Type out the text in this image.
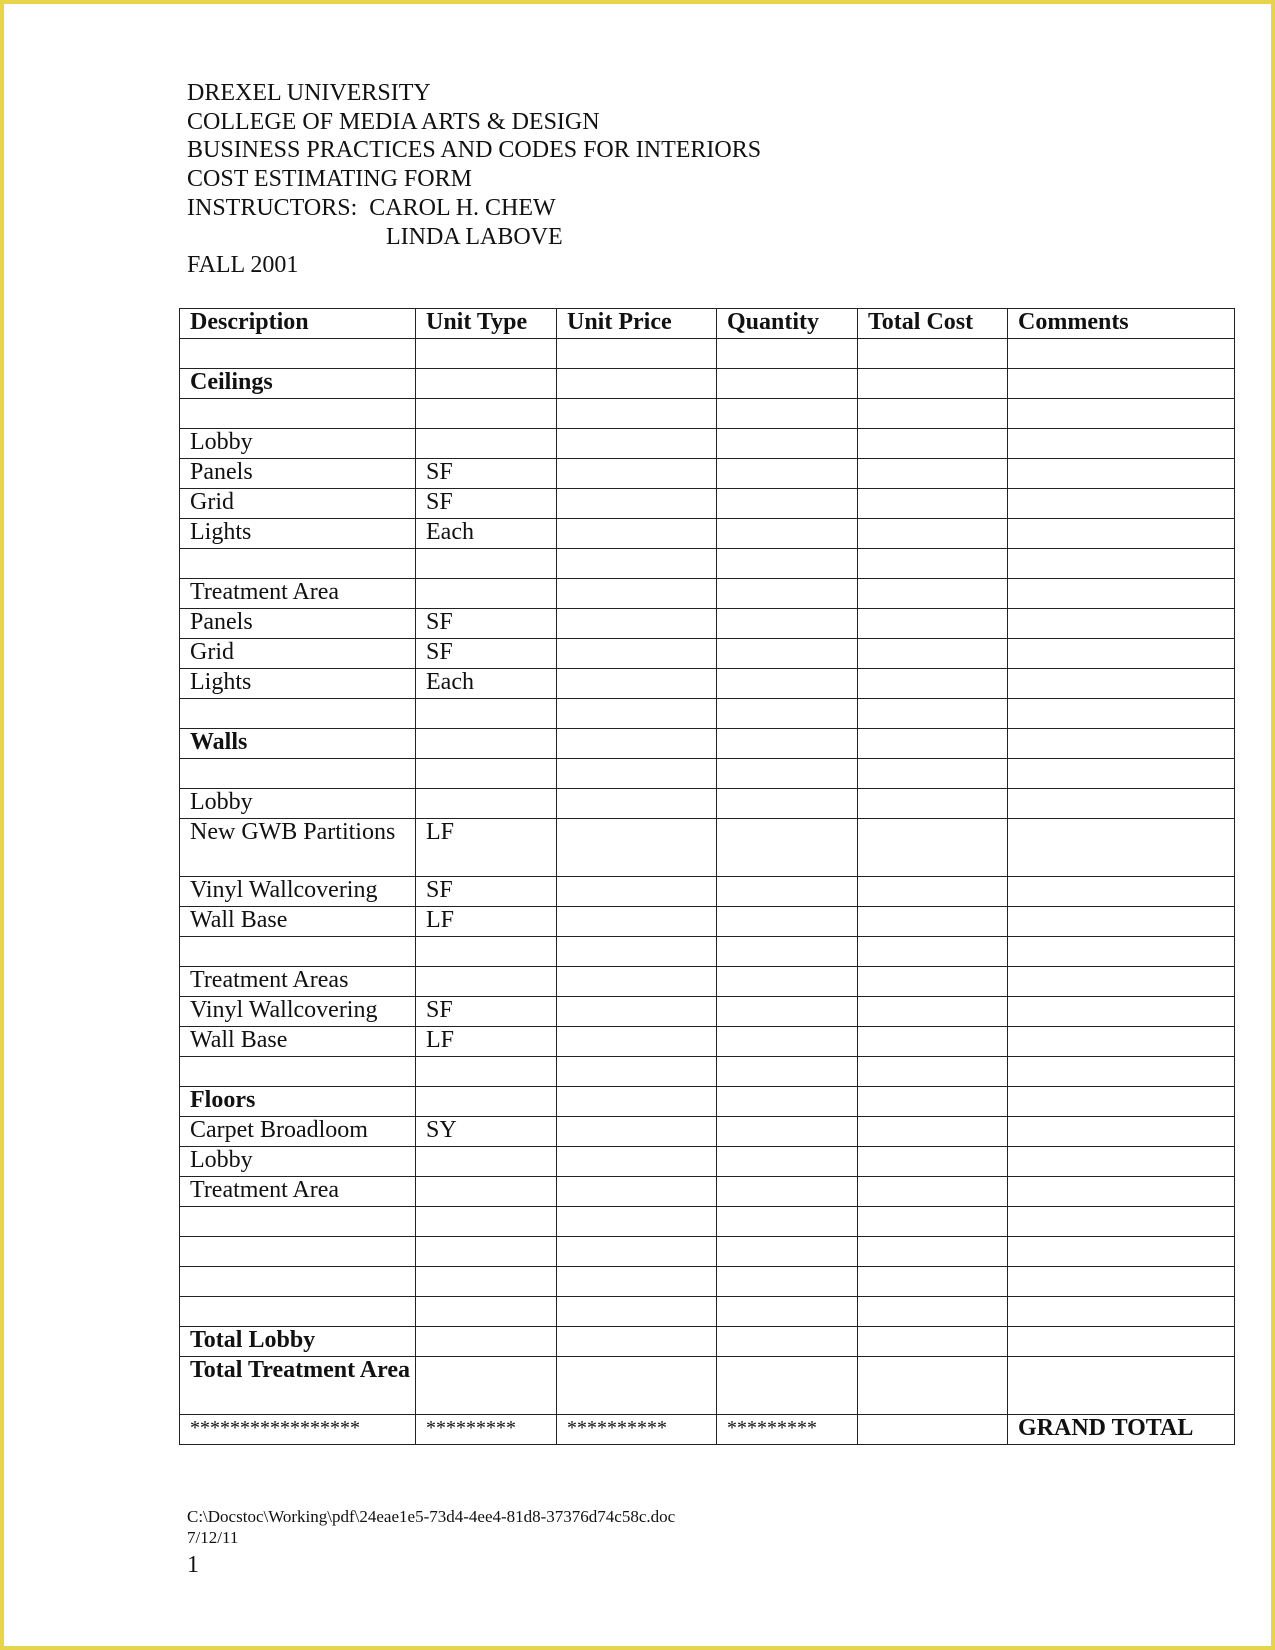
DREXEL UNIVERSITY
COLLEGE OF MEDIA ARTS & DESIGN
BUSINESS PRACTICES AND CODES FOR INTERIORS
COST ESTIMATING FORM
INSTRUCTORS:  CAROL H. CHEW
LINDA LABOVE
FALL 2001
Description	Unit Type	Unit Price	Quantity	Total Cost	Comments

Ceilings					

Lobby					
Panels	SF				
Grid	SF				
Lights	Each				

Treatment Area					
Panels	SF				
Grid	SF				
Lights	Each				

Walls					

Lobby					
New GWB Partitions	LF				
Vinyl Wallcovering	SF				
Wall Base	LF				

Treatment Areas					
Vinyl Wallcovering	SF				
Wall Base	LF				

Floors					
Carpet Broadloom	SY				
Lobby					
Treatment Area					

Total Lobby					
Total Treatment Area					
*****************	*********	**********	*********		GRAND TOTAL
C:\Docstoc\Working\pdf\24eae1e5-73d4-4ee4-81d8-37376d74c58c.doc
7/12/11
1
